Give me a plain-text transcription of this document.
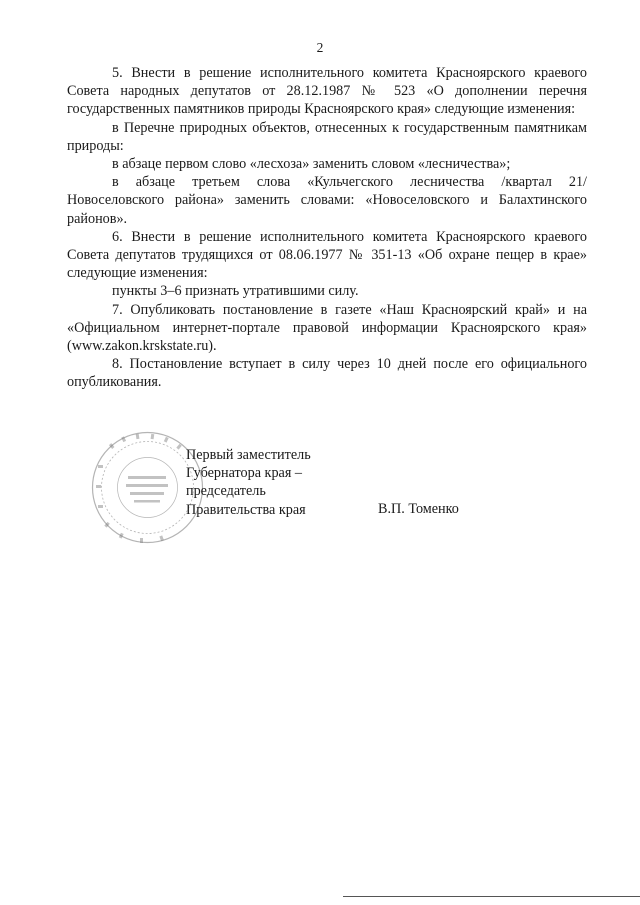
2

5. Внести в решение исполнительного комитета Красноярского краевого Совета народных депутатов от 28.12.1987 № 523 «О дополнении перечня государственных памятников природы Красноярского края» следующие изменения:

в Перечне природных объектов, отнесенных к государственным памятникам природы:

в абзаце первом слово «лесхоза» заменить словом «лесничества»;

в абзаце третьем слова «Кульчегского лесничества /квартал 21/ Новоселовского района» заменить словами: «Новоселовского и Балахтинского районов».

6. Внести в решение исполнительного комитета Красноярского краевого Совета депутатов трудящихся от 08.06.1977 № 351-13 «Об охране пещер в крае» следующие изменения:

пункты 3–6 признать утратившими силу.

7. Опубликовать постановление в газете «Наш Красноярский край» и на «Официальном интернет-портале правовой информации Красноярского края» (www.zakon.krskstate.ru).

8. Постановление вступает в силу через 10 дней после его официального опубликования.

Первый заместитель
Губернатора края –
председатель
Правительства края	В.П. Томенко
